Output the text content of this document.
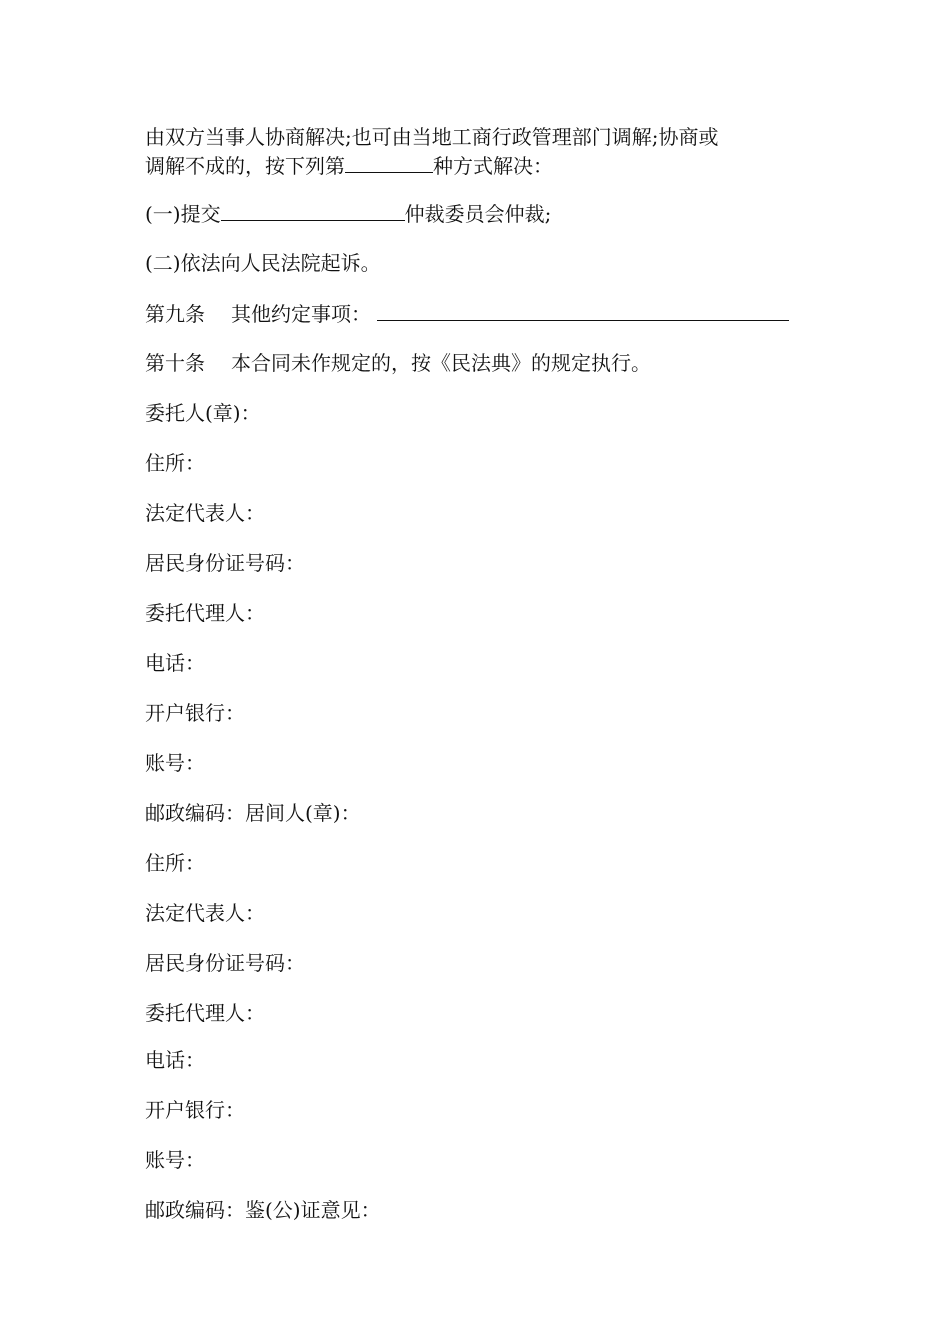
由双方当事人协商解决;也可由当地工商行政管理部门调解;协商或
调解不成的，按下列第	种方式解决：
(一)提交	仲裁委员会仲裁;
(二)依法向人民法院起诉。
第九条 其他约定事项：
第十条 本合同未作规定的，按《民法典》的规定执行。
委托人(章)：
住所：
法定代表人：
居民身份证号码：
委托代理人：
电话：
开户银行：
账号：
邮政编码：居间人(章)：
住所：
法定代表人：
居民身份证号码：
委托代理人：
电话：
开户银行：
账号：
邮政编码：鉴(公)证意见：
